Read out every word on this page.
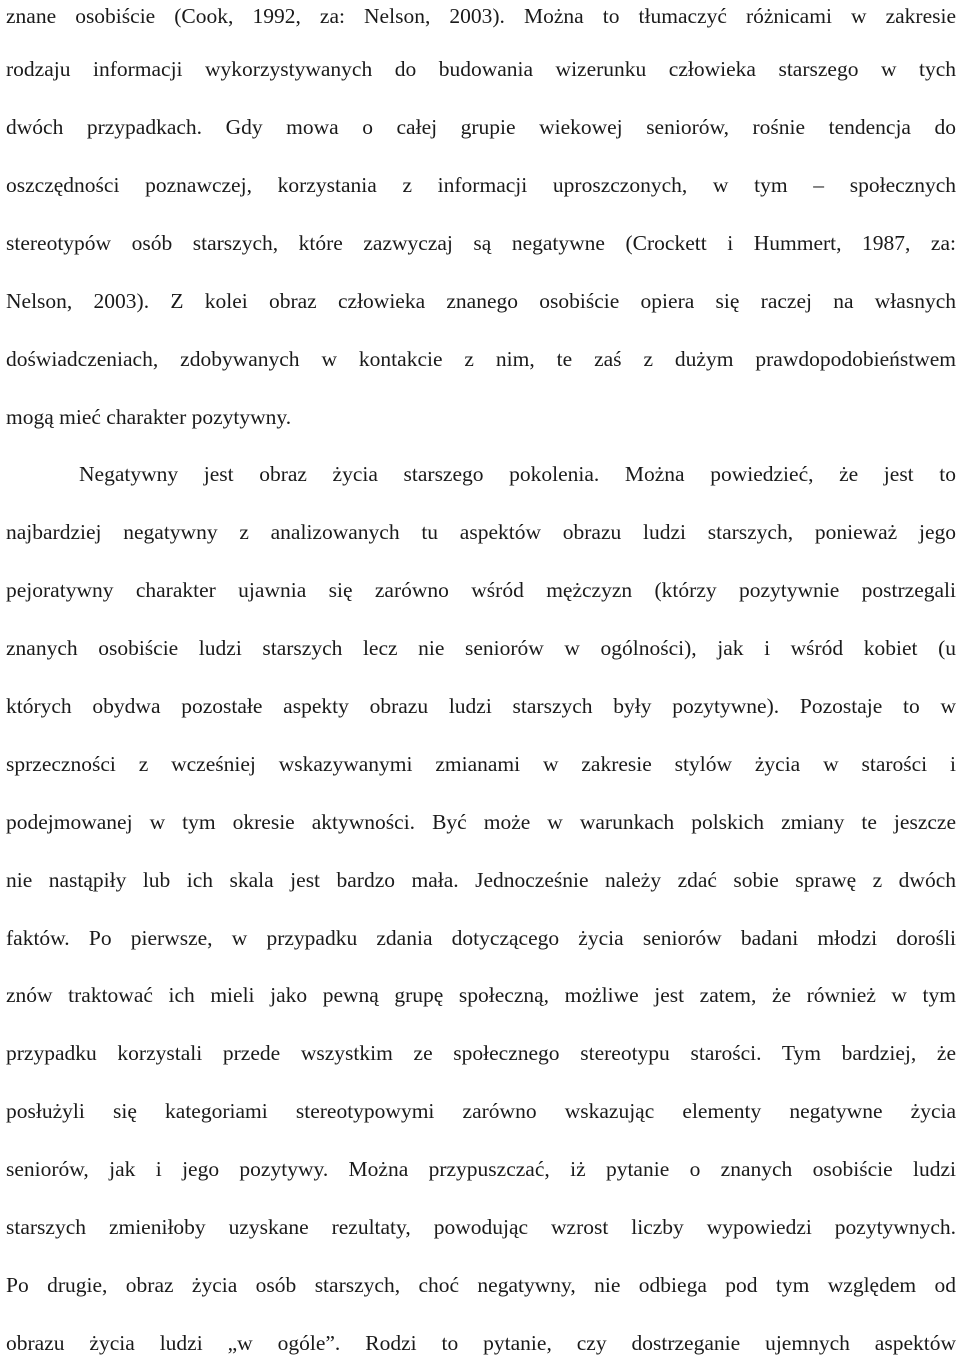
znane osobiście (Cook, 1992, za: Nelson, 2003). Można to tłumaczyć różnicami w zakresie
rodzaju informacji wykorzystywanych do budowania wizerunku człowieka starszego w tych
dwóch przypadkach. Gdy mowa o całej grupie wiekowej seniorów, rośnie tendencja do
oszczędności poznawczej, korzystania z informacji uproszczonych, w tym – społecznych
stereotypów osób starszych, które zazwyczaj są negatywne (Crockett i Hummert, 1987, za:
Nelson, 2003). Z kolei obraz człowieka znanego osobiście opiera się raczej na własnych
doświadczeniach, zdobywanych w kontakcie z nim, te zaś z dużym prawdopodobieństwem
mogą mieć charakter pozytywny.
Negatywny jest obraz życia starszego pokolenia. Można powiedzieć, że jest to
najbardziej negatywny z analizowanych tu aspektów obrazu ludzi starszych, ponieważ jego
pejoratywny charakter ujawnia się zarówno wśród mężczyzn (którzy pozytywnie postrzegali
znanych osobiście ludzi starszych lecz nie seniorów w ogólności), jak i wśród kobiet (u
których obydwa pozostałe aspekty obrazu ludzi starszych były pozytywne). Pozostaje to w
sprzeczności z wcześniej wskazywanymi zmianami w zakresie stylów życia w starości i
podejmowanej w tym okresie aktywności. Być może w warunkach polskich zmiany te jeszcze
nie nastąpiły lub ich skala jest bardzo mała. Jednocześnie należy zdać sobie sprawę z dwóch
faktów. Po pierwsze, w przypadku zdania dotyczącego życia seniorów badani młodzi dorośli
znów traktować ich mieli jako pewną grupę społeczną, możliwe jest zatem, że również w tym
przypadku korzystali przede wszystkim ze społecznego stereotypu starości. Tym bardziej, że
posłużyli się kategoriami stereotypowymi zarówno wskazując elementy negatywne życia
seniorów, jak i jego pozytywy. Można przypuszczać, iż pytanie o znanych osobiście ludzi
starszych zmieniłoby uzyskane rezultaty, powodując wzrost liczby wypowiedzi pozytywnych.
Po drugie, obraz życia osób starszych, choć negatywny, nie odbiega pod tym względem od
obrazu życia ludzi „w ogóle”. Rodzi to pytanie, czy dostrzeganie ujemnych aspektów
